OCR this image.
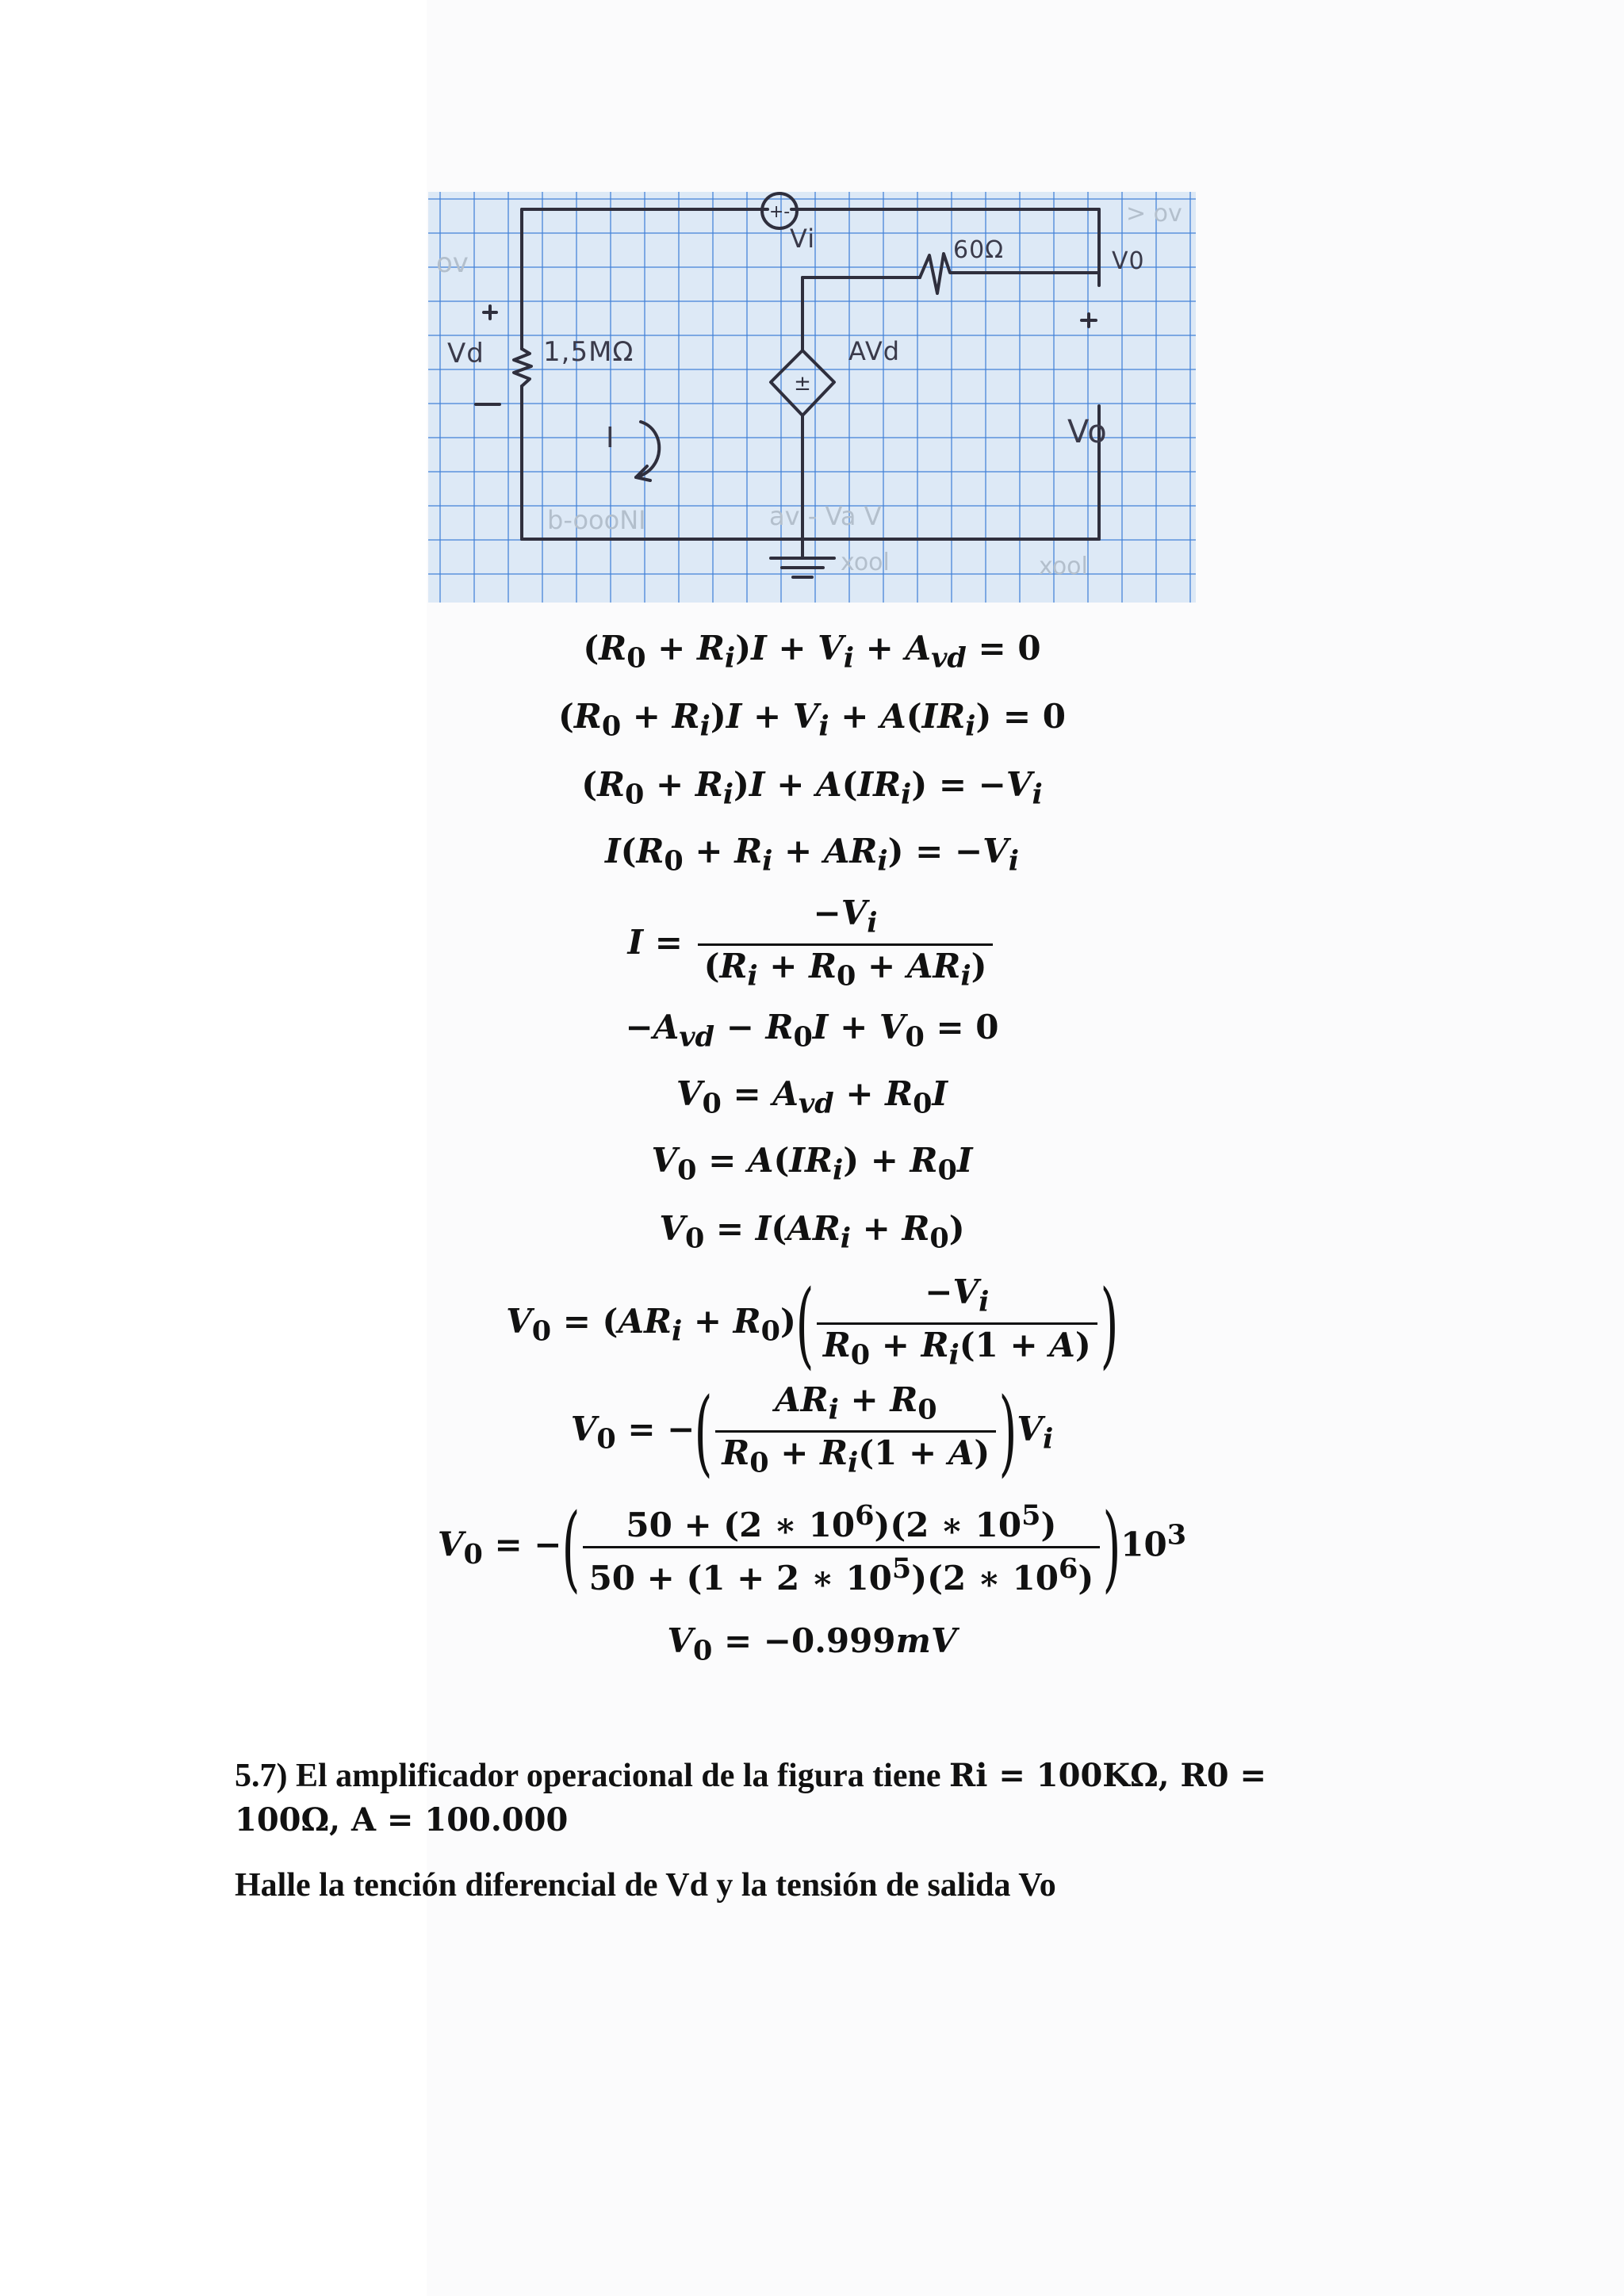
ov
av - Va V
b-oooNI
xool	xool
> ov
+-
±
Vi	60Ω
Vd 1,5MΩ	AVd
I
V0
Vo
$(R_0 + R_i)I + V_i + A_{vd} = 0$
$(R_0 + R_i)I + V_i + A(IR_i) = 0$
$(R_0 + R_i)I + A(IR_i) = -V_i$
$I(R_0 + R_i + AR_i) = -V_i$
$I = \frac{-V_i}{(R_i + R_0 + AR_i)}$
$-A_{vd} - R_0I + V_0 = 0$
$V_0 = A_{vd} + R_0I$
$V_0 = A(IR_i) + R_0I$
$V_0 = I(AR_i + R_0)$
$V_0 = (AR_i + R_0)( \frac{-V_i}{R_0 + R_i(1 + A)}$ )
$V_0$ = −( $\frac{AR_i + R_0}{R_0 + R_i(1 + A)} )V_i$
$V_0$ = −( $\frac{50 + (2 ∗ 10^6)(2 ∗ 10^5)}{50 + (1 + 2 ∗ 10^5)(2 ∗ 10^6)} )10^3$
$V_0 = -0.999mV$
5.7) El amplificador operacional de la figura tiene Ri = 100KΩ, R0 =
100Ω, A = 100.000
Halle la tención diferencial de Vd y la tensión de salida Vo
